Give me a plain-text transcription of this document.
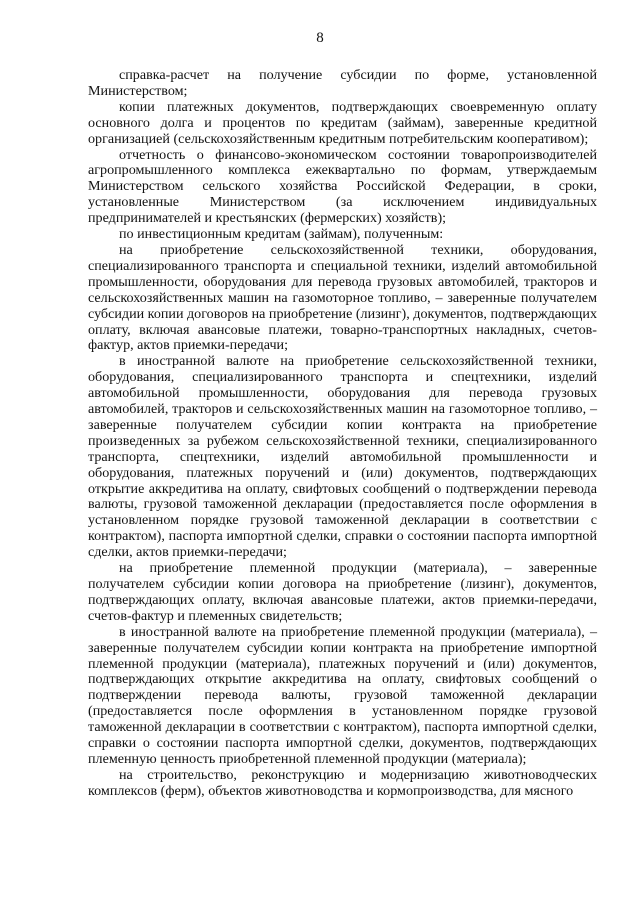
8

справка-расчет на получение субсидии по форме, установленной Министерством;

копии платежных документов, подтверждающих своевременную оплату основного долга и процентов по кредитам (займам), заверенные кредитной организацией (сельскохозяйственным кредитным потребительским кооперативом);

отчетность о финансово-экономическом состоянии товаропроизводителей агропромышленного комплекса ежеквартально по формам, утверждаемым Министерством сельского хозяйства Российской Федерации, в сроки, установленные Министерством (за исключением индивидуальных предпринимателей и крестьянских (фермерских) хозяйств);

по инвестиционным кредитам (займам), полученным:

на приобретение сельскохозяйственной техники, оборудования, специализированного транспорта и специальной техники, изделий автомобильной промышленности, оборудования для перевода грузовых автомобилей, тракторов и сельскохозяйственных машин на газомоторное топливо, – заверенные получателем субсидии копии договоров на приобретение (лизинг), документов, подтверждающих оплату, включая авансовые платежи, товарно-транспортных накладных, счетов-фактур, актов приемки-передачи;

в иностранной валюте на приобретение сельскохозяйственной техники, оборудования, специализированного транспорта и спецтехники, изделий автомобильной промышленности, оборудования для перевода грузовых автомобилей, тракторов и сельскохозяйственных машин на газомоторное топливо, – заверенные получателем субсидии копии контракта на приобретение произведенных за рубежом сельскохозяйственной техники, специализированного транспорта, спецтехники, изделий автомобильной промышленности и оборудования, платежных поручений и (или) документов, подтверждающих открытие аккредитива на оплату, свифтовых сообщений о подтверждении перевода валюты, грузовой таможенной декларации (предоставляется после оформления в установленном порядке грузовой таможенной декларации в соответствии с контрактом), паспорта импортной сделки, справки о состоянии паспорта импортной сделки, актов приемки-передачи;

на приобретение племенной продукции (материала), – заверенные получателем субсидии копии договора на приобретение (лизинг), документов, подтверждающих оплату, включая авансовые платежи, актов приемки-передачи, счетов-фактур и племенных свидетельств;

в иностранной валюте на приобретение племенной продукции (материала), – заверенные получателем субсидии копии контракта на приобретение импортной племенной продукции (материала), платежных поручений и (или) документов, подтверждающих открытие аккредитива на оплату, свифтовых сообщений о подтверждении перевода валюты, грузовой таможенной декларации (предоставляется после оформления в установленном порядке грузовой таможенной декларации в соответствии с контрактом), паспорта импортной сделки, справки о состоянии паспорта импортной сделки, документов, подтверждающих племенную ценность приобретенной племенной продукции (материала);

на строительство, реконструкцию и модернизацию животноводческих комплексов (ферм), объектов животноводства и кормопроизводства, для мясного
